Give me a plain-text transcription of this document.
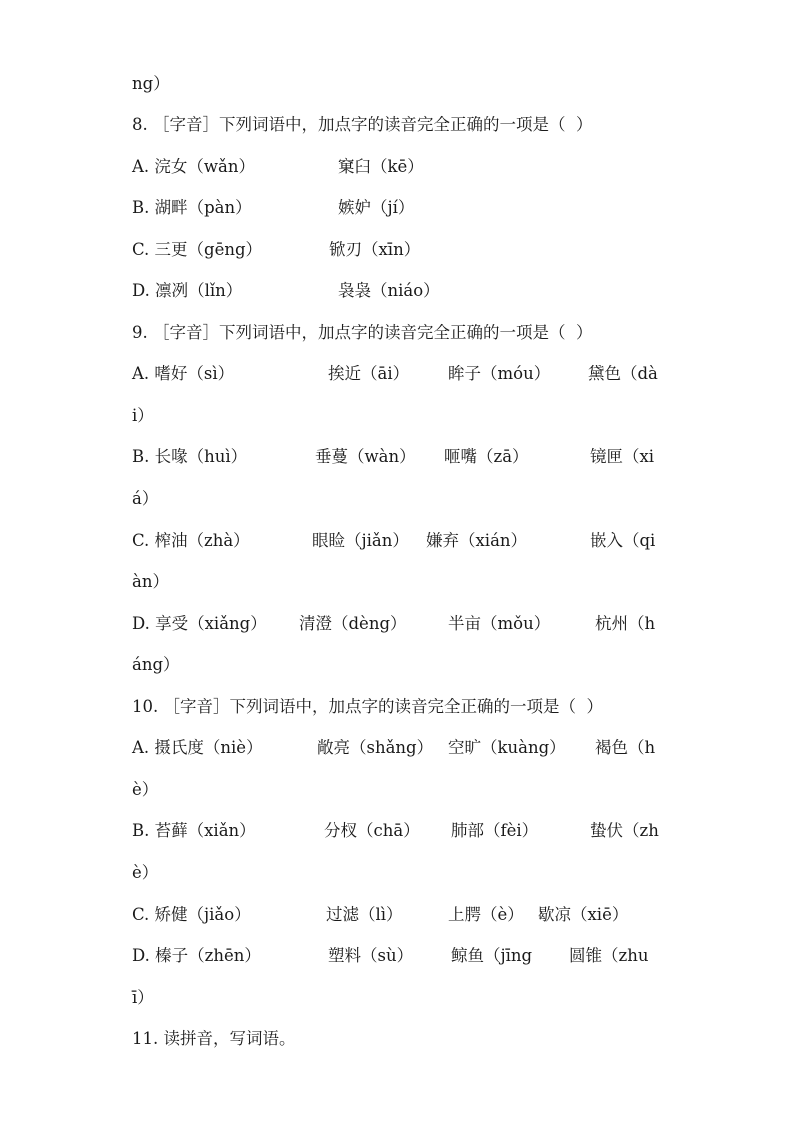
ng）
8. ［字音］下列词语中，加点字的读音完全正确的一项是（  ）
A. 浣女（wǎn）	窠臼（kē）
B. 湖畔（pàn）	嫉妒（jí）
C. 三更（gēng）	锨刃（xīn）
D. 凛冽（lǐn）	袅袅（niáo）
9. ［字音］下列词语中，加点字的读音完全正确的一项是（  ）
A. 嗜好（sì）	挨近（āi） 眸子（móu） 黛色（dà
i）
B. 长喙（huì）	垂蔓（wàn） 咂嘴（zā）	镜匣（xi
á）
C. 榨油（zhà）	眼睑（jiǎn） 嫌弃（xián）	嵌入（qi
àn）
D. 享受（xiǎng） 清澄（dèng）	半亩（mǒu）	杭州（h
áng）
10. ［字音］下列词语中，加点字的读音完全正确的一项是（  ）
A. 摄氏度（niè）	敞亮（shǎng） 空旷（kuàng） 褐色（h
è）
B. 苔藓（xiǎn）	分杈（chā） 肺部（fèi）	蛰伏（zh
è）
C. 矫健（jiǎo）	过滤（lì）	上腭（è） 歇凉（xiē）
D. 榛子（zhēn）	塑料（sù） 鲸鱼（jīng 圆锥（zhu
ī）
11. 读拼音，写词语。
